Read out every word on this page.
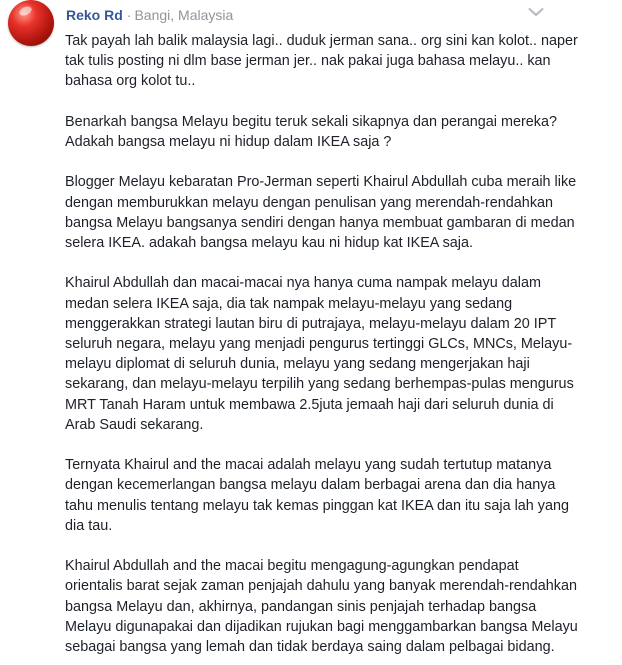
Reko Rd · Bangi, Malaysia

Tak payah lah balik malaysia lagi.. duduk jerman sana.. org sini kan kolot.. naper tak tulis posting ni dlm base jerman jer.. nak pakai juga bahasa melayu.. kan bahasa org kolot tu..

Benarkah bangsa Melayu begitu teruk sekali sikapnya dan perangai mereka? Adakah bangsa melayu ni hidup dalam IKEA saja ?

Blogger Melayu kebaratan Pro-Jerman seperti Khairul Abdullah cuba meraih like dengan memburukkan melayu dengan penulisan yang merendah-rendahkan bangsa Melayu bangsanya sendiri dengan hanya membuat gambaran di medan selera IKEA. adakah bangsa melayu kau ni hidup kat IKEA saja.

Khairul Abdullah dan macai-macai nya hanya cuma nampak melayu dalam medan selera IKEA saja, dia tak nampak melayu-melayu yang sedang menggerakkan strategi lautan biru di putrajaya, melayu-melayu dalam 20 IPT seluruh negara, melayu yang menjadi pengurus tertinggi GLCs, MNCs, Melayu-melayu diplomat di seluruh dunia, melayu yang sedang mengerjakan haji sekarang, dan melayu-melayu terpilih yang sedang berhempas-pulas mengurus MRT Tanah Haram untuk membawa 2.5juta jemaah haji dari seluruh dunia di Arab Saudi sekarang.

Ternyata Khairul and the macai adalah melayu yang sudah tertutup matanya dengan kecemerlangan bangsa melayu dalam berbagai arena dan dia hanya tahu menulis tentang melayu tak kemas pinggan kat IKEA dan itu saja lah yang dia tau.

Khairul Abdullah and the macai begitu mengagung-agungkan pendapat orientalis barat sejak zaman penjajah dahulu yang banyak merendah-rendahkan bangsa Melayu dan, akhirnya, pandangan sinis penjajah terhadap bangsa Melayu digunapakai dan dijadikan rujukan bagi menggambarkan bangsa Melayu sebagai bangsa yang lemah dan tidak berdaya saing dalam pelbagai bidang.
